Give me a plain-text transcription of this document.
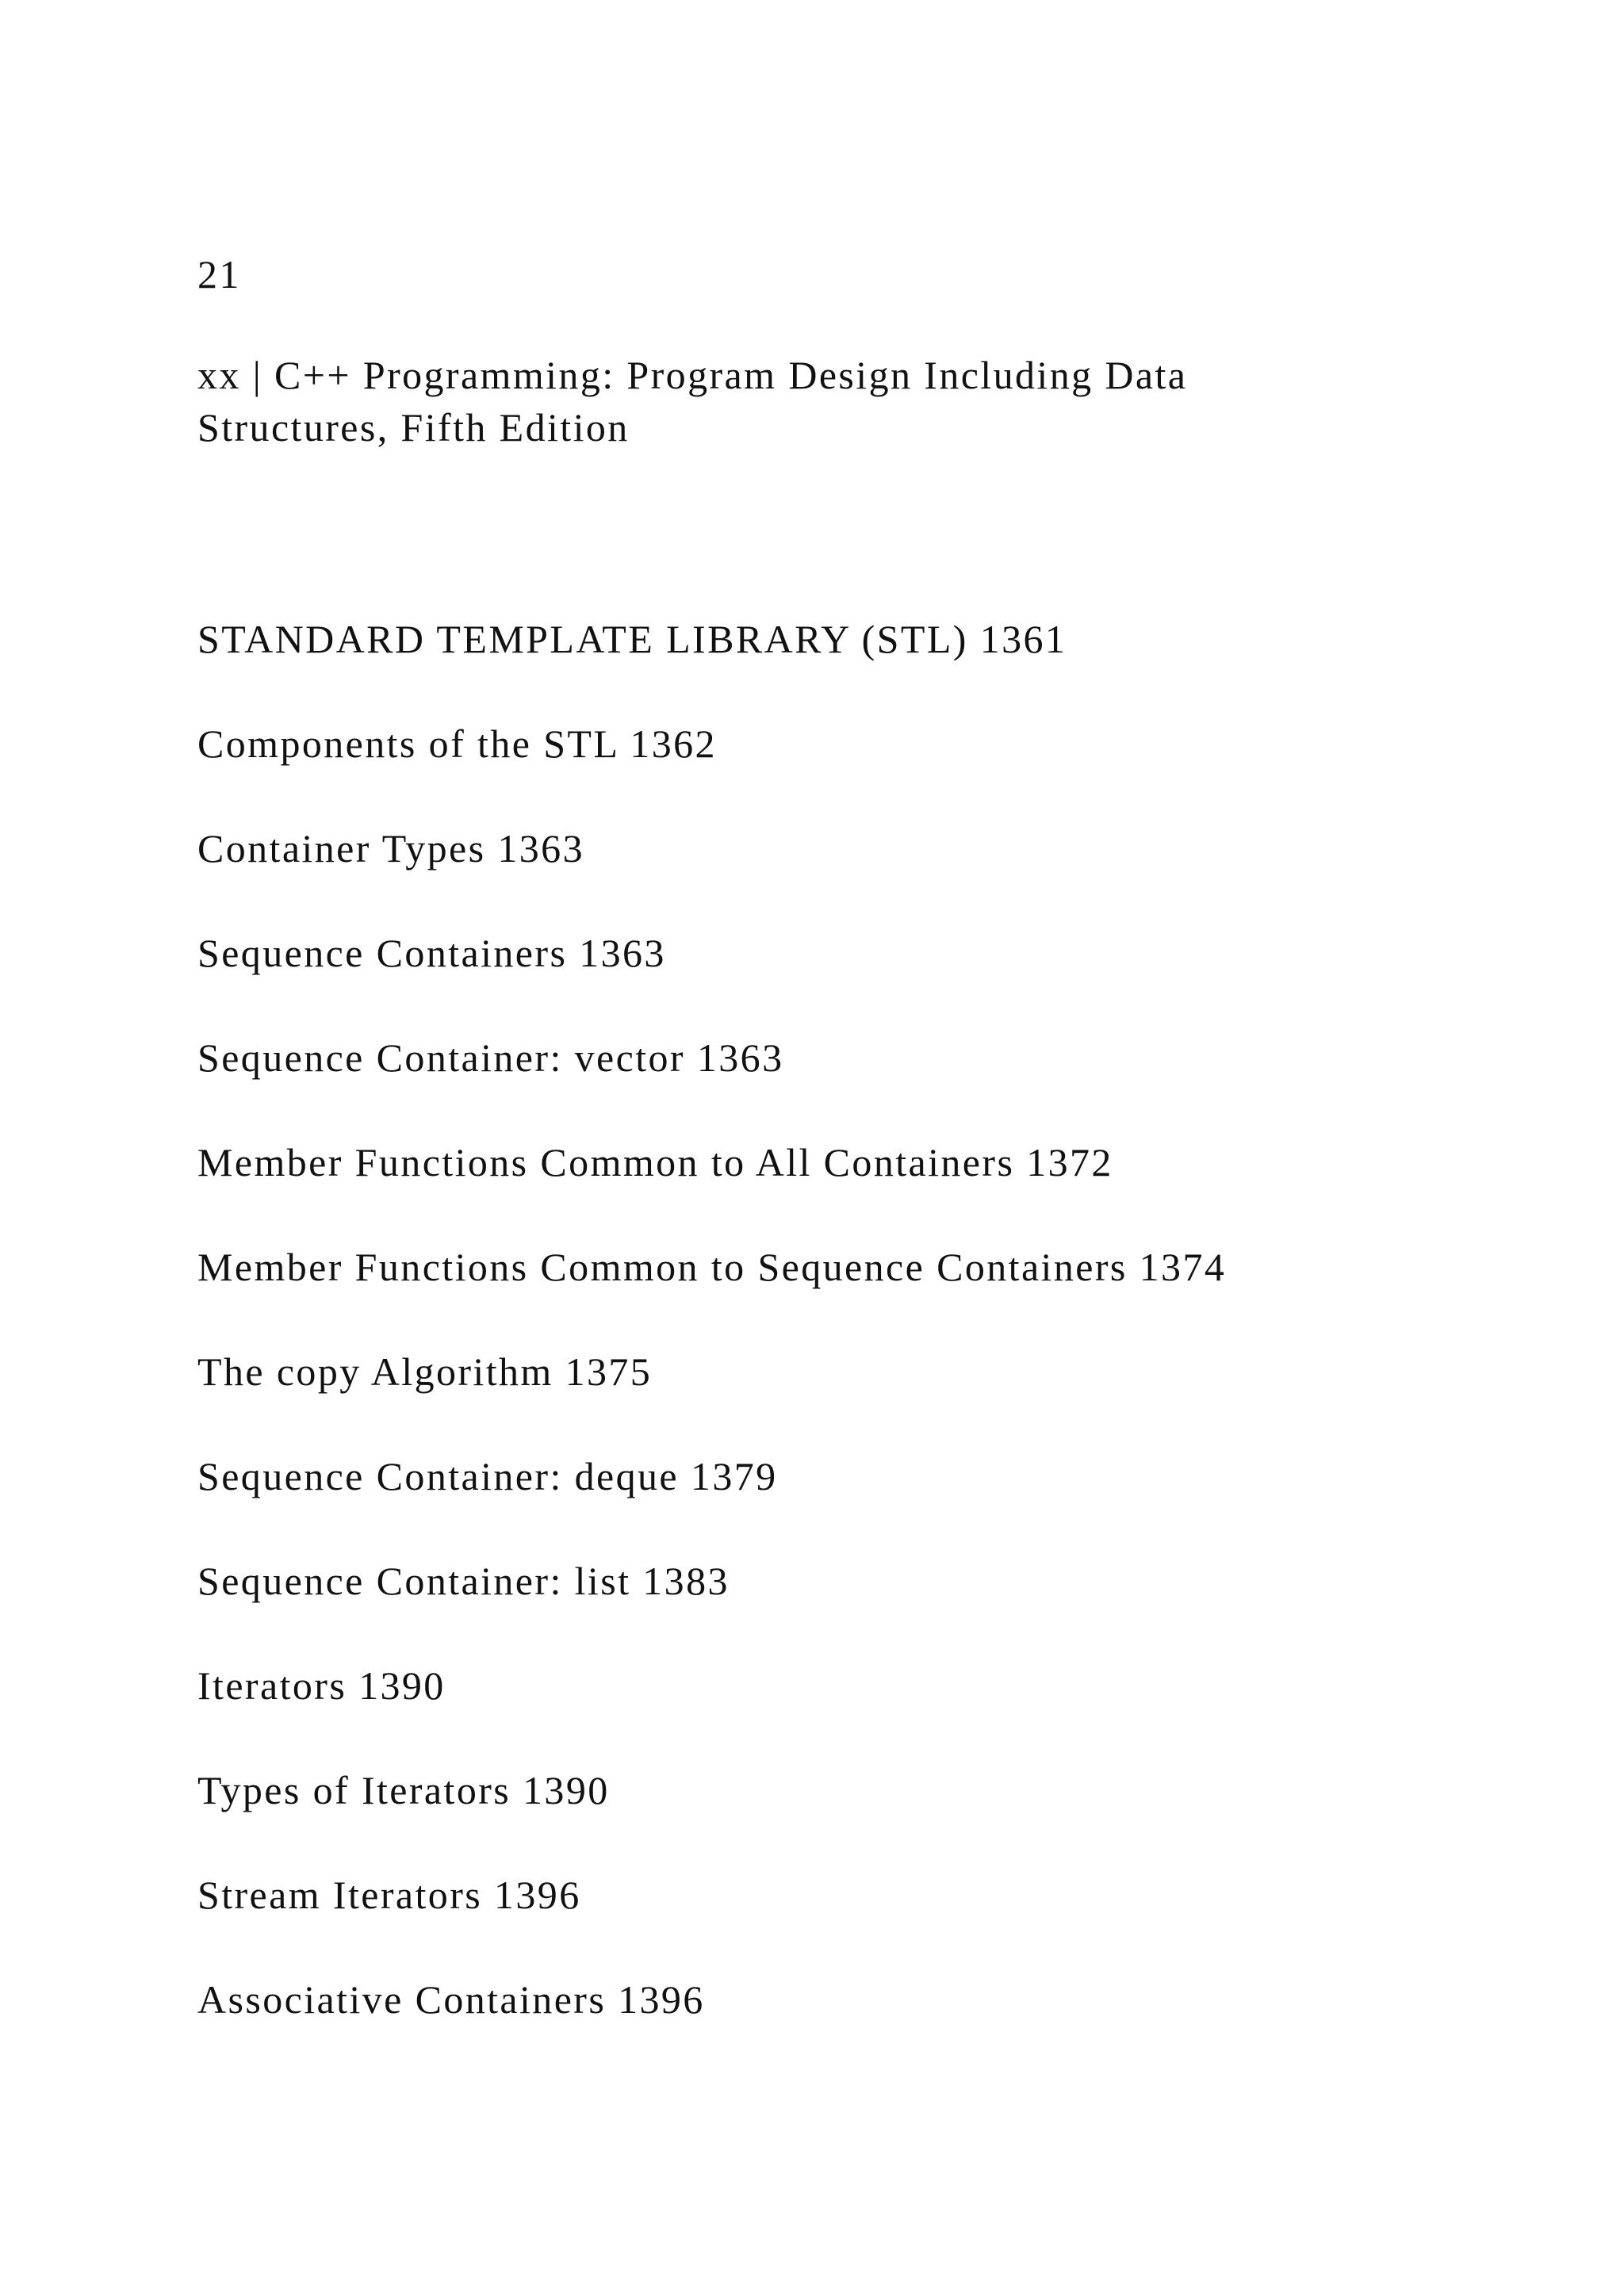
21
xx | C++ Programming: Program Design Including Data
Structures, Fifth Edition
STANDARD TEMPLATE LIBRARY (STL) 1361
Components of the STL 1362
Container Types 1363
Sequence Containers 1363
Sequence Container: vector 1363
Member Functions Common to All Containers 1372
Member Functions Common to Sequence Containers 1374
The copy Algorithm 1375
Sequence Container: deque 1379
Sequence Container: list 1383
Iterators 1390
Types of Iterators 1390
Stream Iterators 1396
Associative Containers 1396
